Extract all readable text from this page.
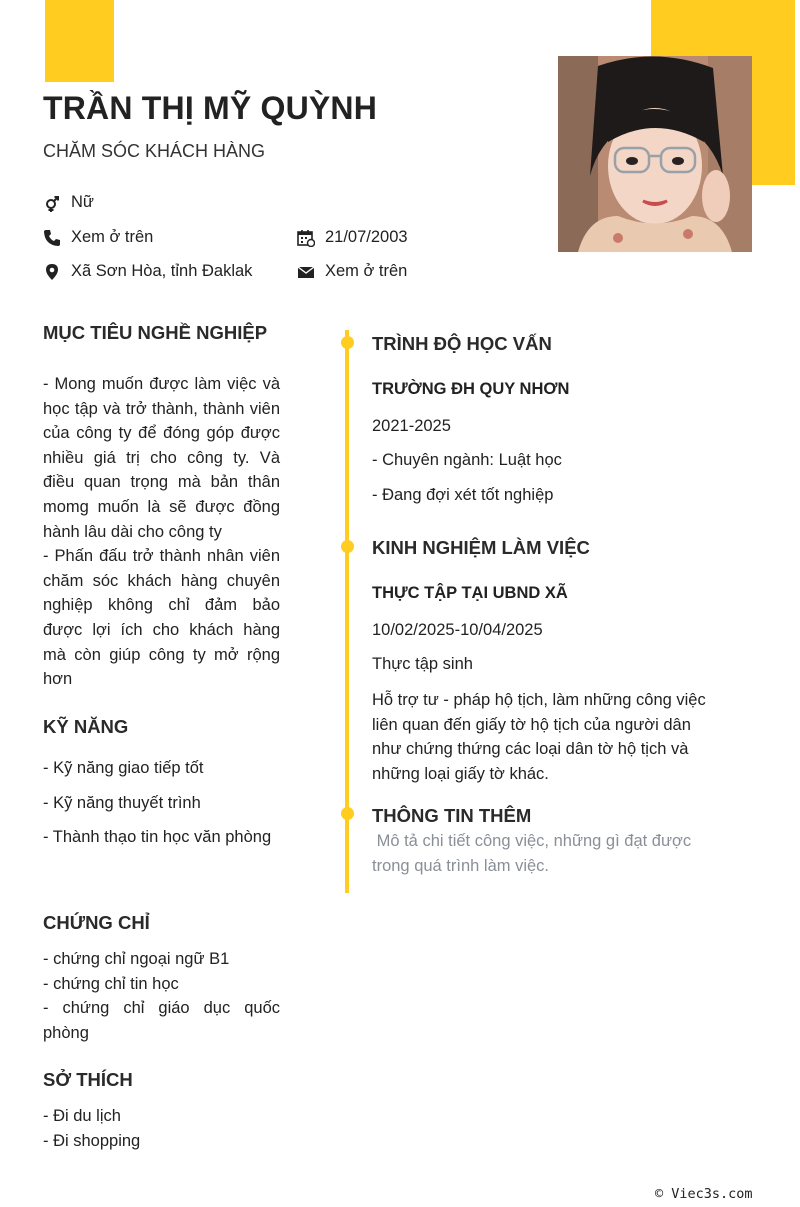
TRẦN THỊ MỸ QUỲNH
CHĂM SÓC KHÁCH HÀNG
Nữ
Xem ở trên	21/07/2003
Xã Sơn Hòa, tỉnh Đaklak	Xem ở trên
MỤC TIÊU NGHỀ NGHIỆP

- Mong muốn được làm việc và học tập và trở thành, thành viên của công ty để đóng góp được nhiều giá trị cho công ty. Và điều quan trọng mà bản thân momg muốn là sẽ được đồng hành lâu dài cho công ty

- Phấn đấu trở thành nhân viên chăm sóc khách hàng chuyên nghiệp không chỉ đảm bảo được lợi ích cho khách hàng mà còn giúp công ty mở rộng hơn

KỸ NĂNG
- Kỹ năng giao tiếp tốt
- Kỹ năng thuyết trình
- Thành thạo tin học văn phòng
CHỨNG CHỈ
- chứng chỉ ngoại ngữ B1
- chứng chỉ tin học
- chứng chỉ giáo dục quốc phòng
SỞ THÍCH
- Đi du lịch
- Đi shopping
TRÌNH ĐỘ HỌC VẤN
TRƯỜNG ĐH QUY NHƠN
2021-2025
- Chuyên ngành: Luật học
- Đang đợi xét tốt nghiệp
KINH NGHIỆM LÀM VIỆC
THỰC TẬP TẠI UBND XÃ
10/02/2025-10/04/2025
Thực tập sinh
Hỗ trợ tư - pháp hộ tịch, làm những công việc liên quan đến giấy tờ hộ tịch của người dân như chứng thứng các loại dân tờ hộ tịch và những loại giấy tờ khác.
THÔNG TIN THÊM
Mô tả chi tiết công việc, những gì đạt được trong quá trình làm việc.
© Viec3s.com
